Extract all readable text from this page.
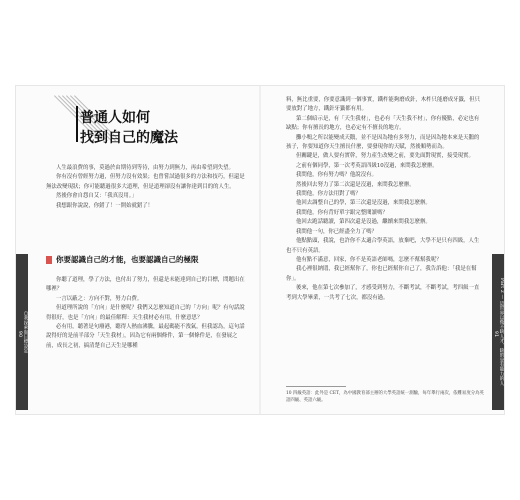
普通人如何
找到自己的魔法

人生最浪費的事，莫過於由期待到等待，由努力到無力，再由希望到失望。

你有沒有曾經努力過，但努力沒有效果；也曾嘗試過很多的方法和技巧，但還是無法改變現狀；你可能聽過很多大道理，但是道理卻沒有讓你達到目的的人生。

然後你會自怨自艾：「我真沒用。」

我想跟你說說，你錯了！一開始就錯了！

你要認識自己的才能，也要認識自己的極限

你聽了道理，學了方法，也付出了努力，但還是未能達到自己的目標，問題出在哪裡？

一言以蔽之：方向不對，努力白費。

但道理所說的「方向」是什麼呢？我們又怎麼知道自己的「方向」呢？有句話說得很好，也是「方向」的最佳解釋：天生我材必有用，什麼意思？

必有用，聽著是句廢港，聽得人熱血沸騰，最起碼能不洩氣，但我認為，這句話說得好的是前半部分「天生我材」，因為它有兩個條件，第一個條件是，在發展之前，成長之初，搞清楚自己天生是哪種

自我探索與目標設定
90

料，無比重要，你要意識到一個事實，鐵杵能夠磨成針，木杵只能磨成牙籤，但只要放對了地方，鐵針牙籤都有用。

第二個暗示是，有「天生我材」，也必有「天生我不材」，你有優點，必定也有缺點；你有擅長的地方，也必定有不擅長的地方。

攤小鴨之所以能變成天鵝，並不是因為牠有多努力，而是因為牠本來是天鵝的孩子，你要知道你天生擅長什麼，要發現你的天賦，然後順勢而為。

但關鍵是，做人要有實幹，努力產生改變之前，要先面對現實，接受現實。

之前有個同學，第一次考英語四級10沒過，來問我怎麼辦。

我問他，你有努力嗎？他說沒有。

然後回去努力了第二次還是沒過，來問我怎麼辦。

我問他，你方法用對了嗎？

他回去調整自己的學，第三次還是沒過，來問我怎麼辦。

我問他，你有背好單字跟完整閱讀嗎？

他回去跑話聽讀，第四次還是沒過，繼續來問我怎麼辦。

我問他一句，你已經盡全力了嗎？

他點點頭，我說，也許你不太適合學英語，放棄吧，大學不是只有四級，人生也不只有英語。

他有點不滿意，回家，你不是英語老師嗎，怎麼不幫幫我呢？

我心裡很納悶，我已經幫你了，你也已經幫你自己了，我告訴他：「我是在幫你」。

後來，他在第七次參加了，才感受到努力，不斷考試，不斷考試，考四級一直考到大學畢業，一共考了七次，都沒有過。

10 四級英語：此外是 CET，為中國教育部主辦的大學英語統一測驗，每年舉行兩次，依難易度分為英語四級、英語六級。
Part 2 — 這世界以後不缺人才，缺的是有能力的人
91
